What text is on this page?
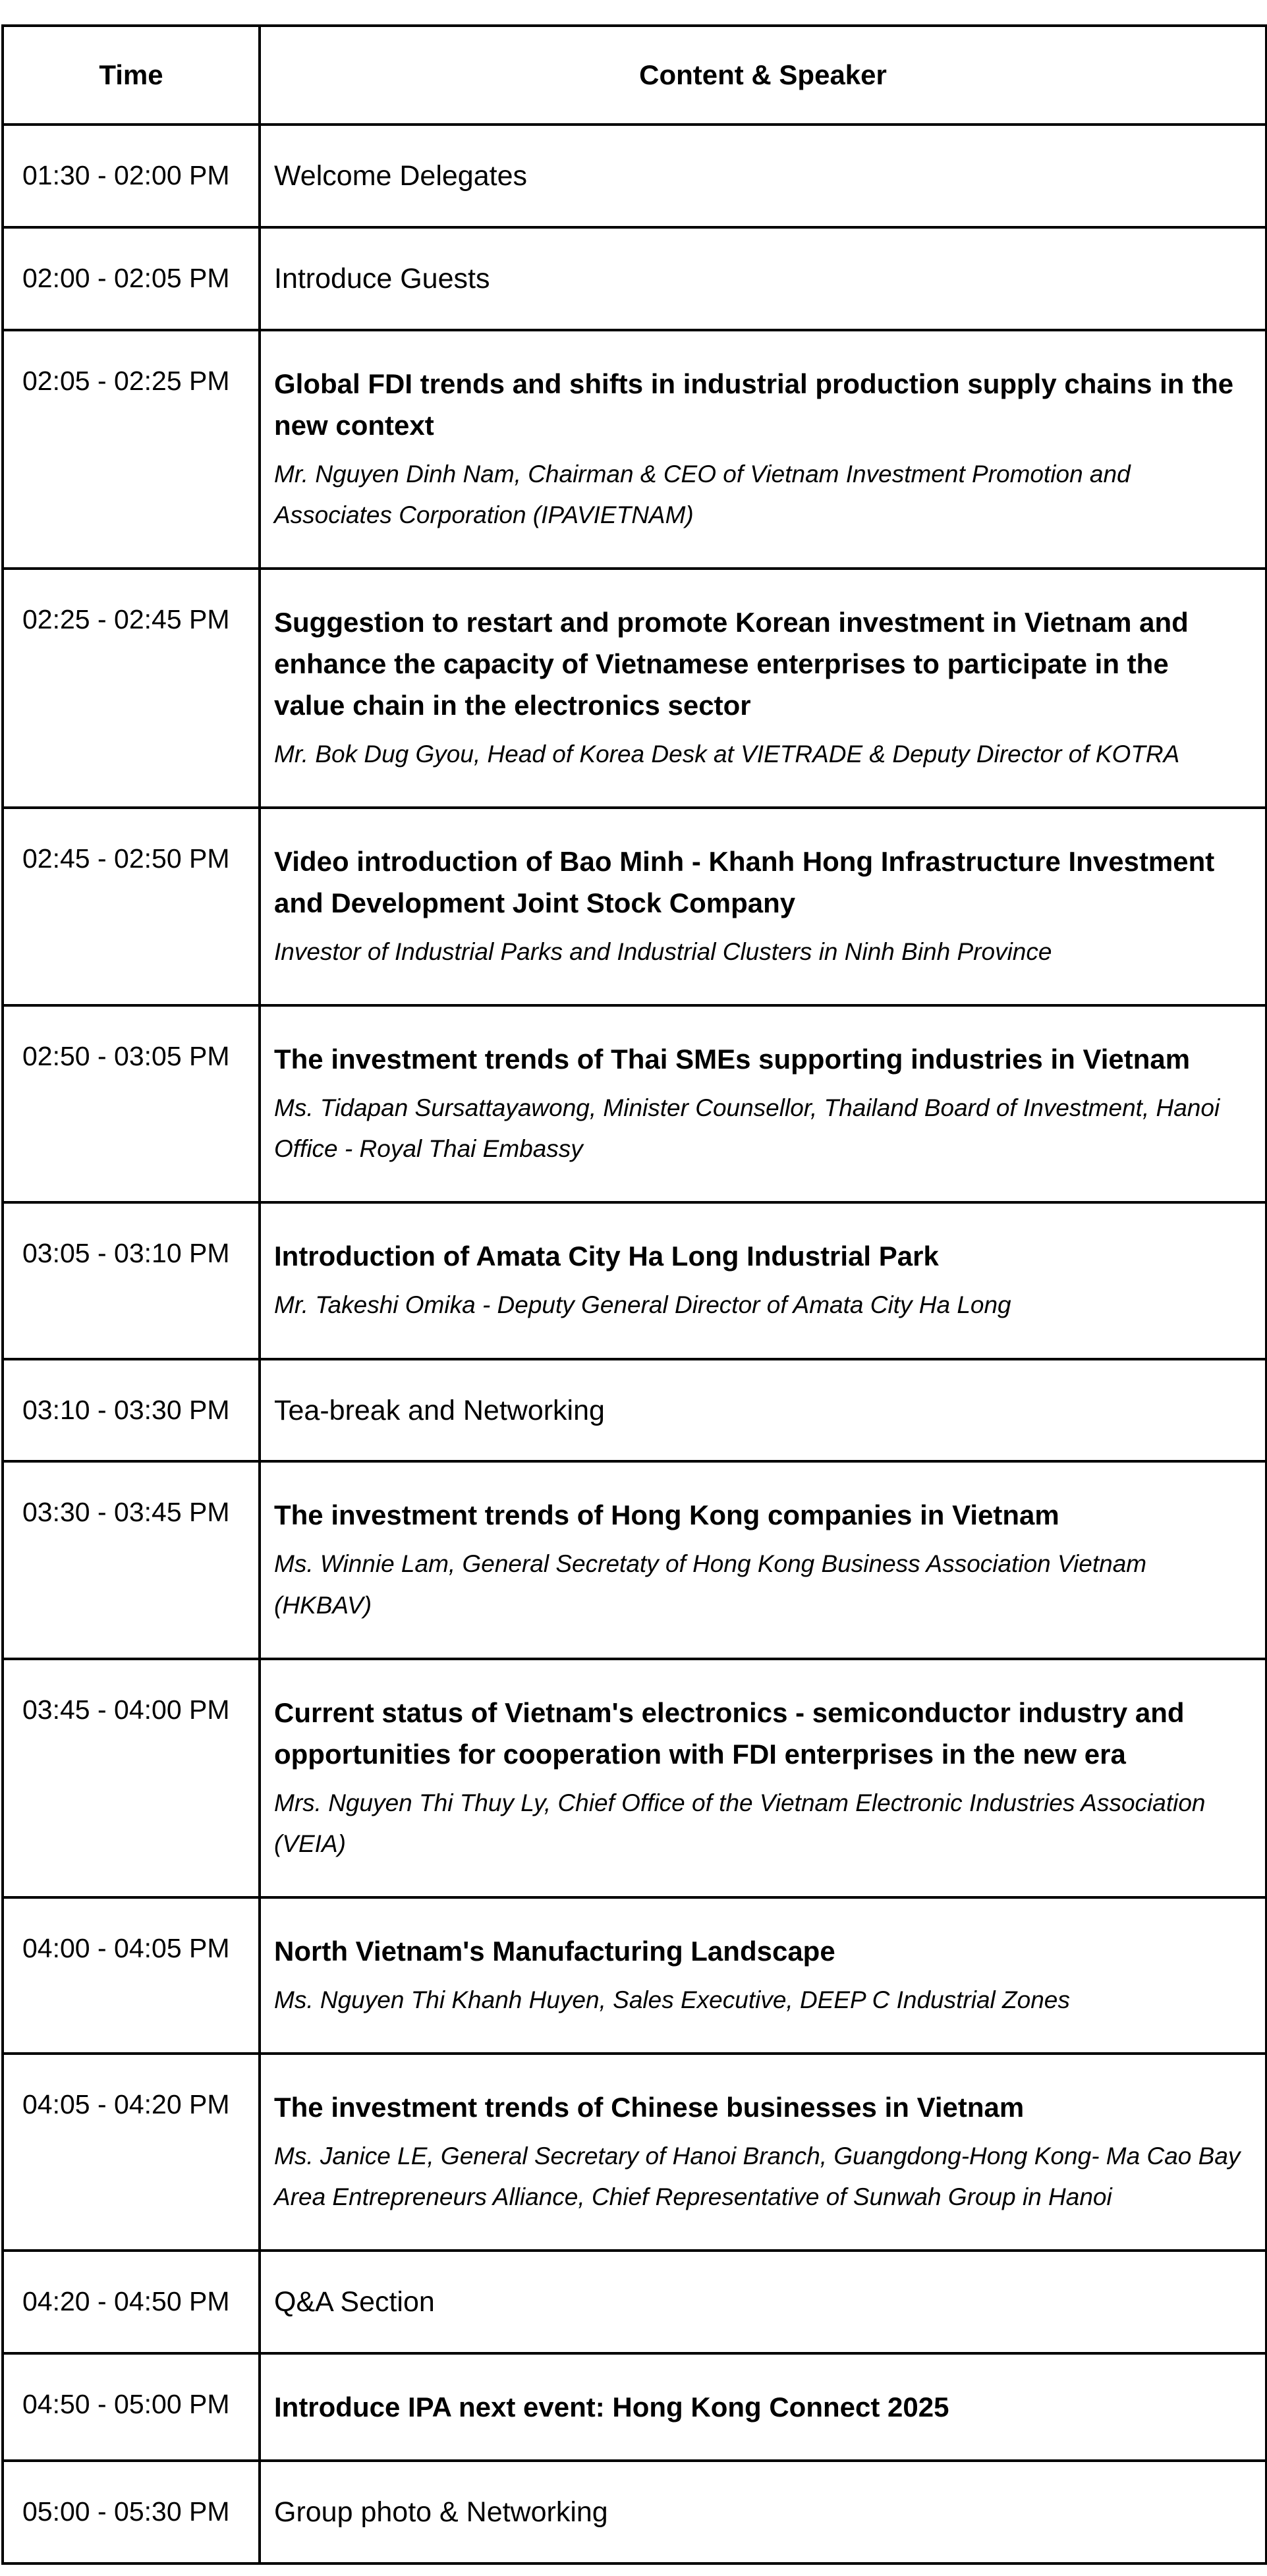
Time	Content & Speaker
01:30 - 02:00 PM	Welcome Delegates

02:00 - 02:05 PM	Introduce Guests

02:05 - 02:25 PM	Global FDI trends and shifts in industrial production supply chains in the new context
Mr. Nguyen Dinh Nam, Chairman & CEO of Vietnam Investment Promotion and Associates Corporation (IPAVIETNAM)

02:25 - 02:45 PM	Suggestion to restart and promote Korean investment in Vietnam and enhance the capacity of Vietnamese enterprises to participate in the value chain in the electronics sector
Mr. Bok Dug Gyou, Head of Korea Desk at VIETRADE & Deputy Director of KOTRA

02:45 - 02:50 PM	Video introduction of Bao Minh - Khanh Hong Infrastructure Investment and Development Joint Stock Company
Investor of Industrial Parks and Industrial Clusters in Ninh Binh Province

02:50 - 03:05 PM	The investment trends of Thai SMEs supporting industries in Vietnam
Ms. Tidapan Sursattayawong, Minister Counsellor, Thailand Board of Investment, Hanoi Office - Royal Thai Embassy

03:05 - 03:10 PM	Introduction of Amata City Ha Long Industrial Park
Mr. Takeshi Omika - Deputy General Director of Amata City Ha Long

03:10 - 03:30 PM	Tea-break and Networking

03:30 - 03:45 PM	The investment trends of Hong Kong companies in Vietnam
Ms. Winnie Lam, General Secretaty of Hong Kong Business Association Vietnam (HKBAV)

03:45 - 04:00 PM	Current status of Vietnam's electronics - semiconductor industry and opportunities for cooperation with FDI enterprises in the new era
Mrs. Nguyen Thi Thuy Ly, Chief Office of the Vietnam Electronic Industries Association (VEIA)

04:00 - 04:05 PM	North Vietnam's Manufacturing Landscape
Ms. Nguyen Thi Khanh Huyen, Sales Executive, DEEP C Industrial Zones

04:05 - 04:20 PM	The investment trends of Chinese businesses in Vietnam
Ms. Janice LE, General Secretary of Hanoi Branch, Guangdong-Hong Kong- Ma Cao Bay Area Entrepreneurs Alliance, Chief Representative of Sunwah Group in Hanoi

04:20 - 04:50 PM	Q&A Section

04:50 - 05:00 PM	Introduce IPA next event: Hong Kong Connect 2025

05:00 - 05:30 PM	Group photo & Networking
